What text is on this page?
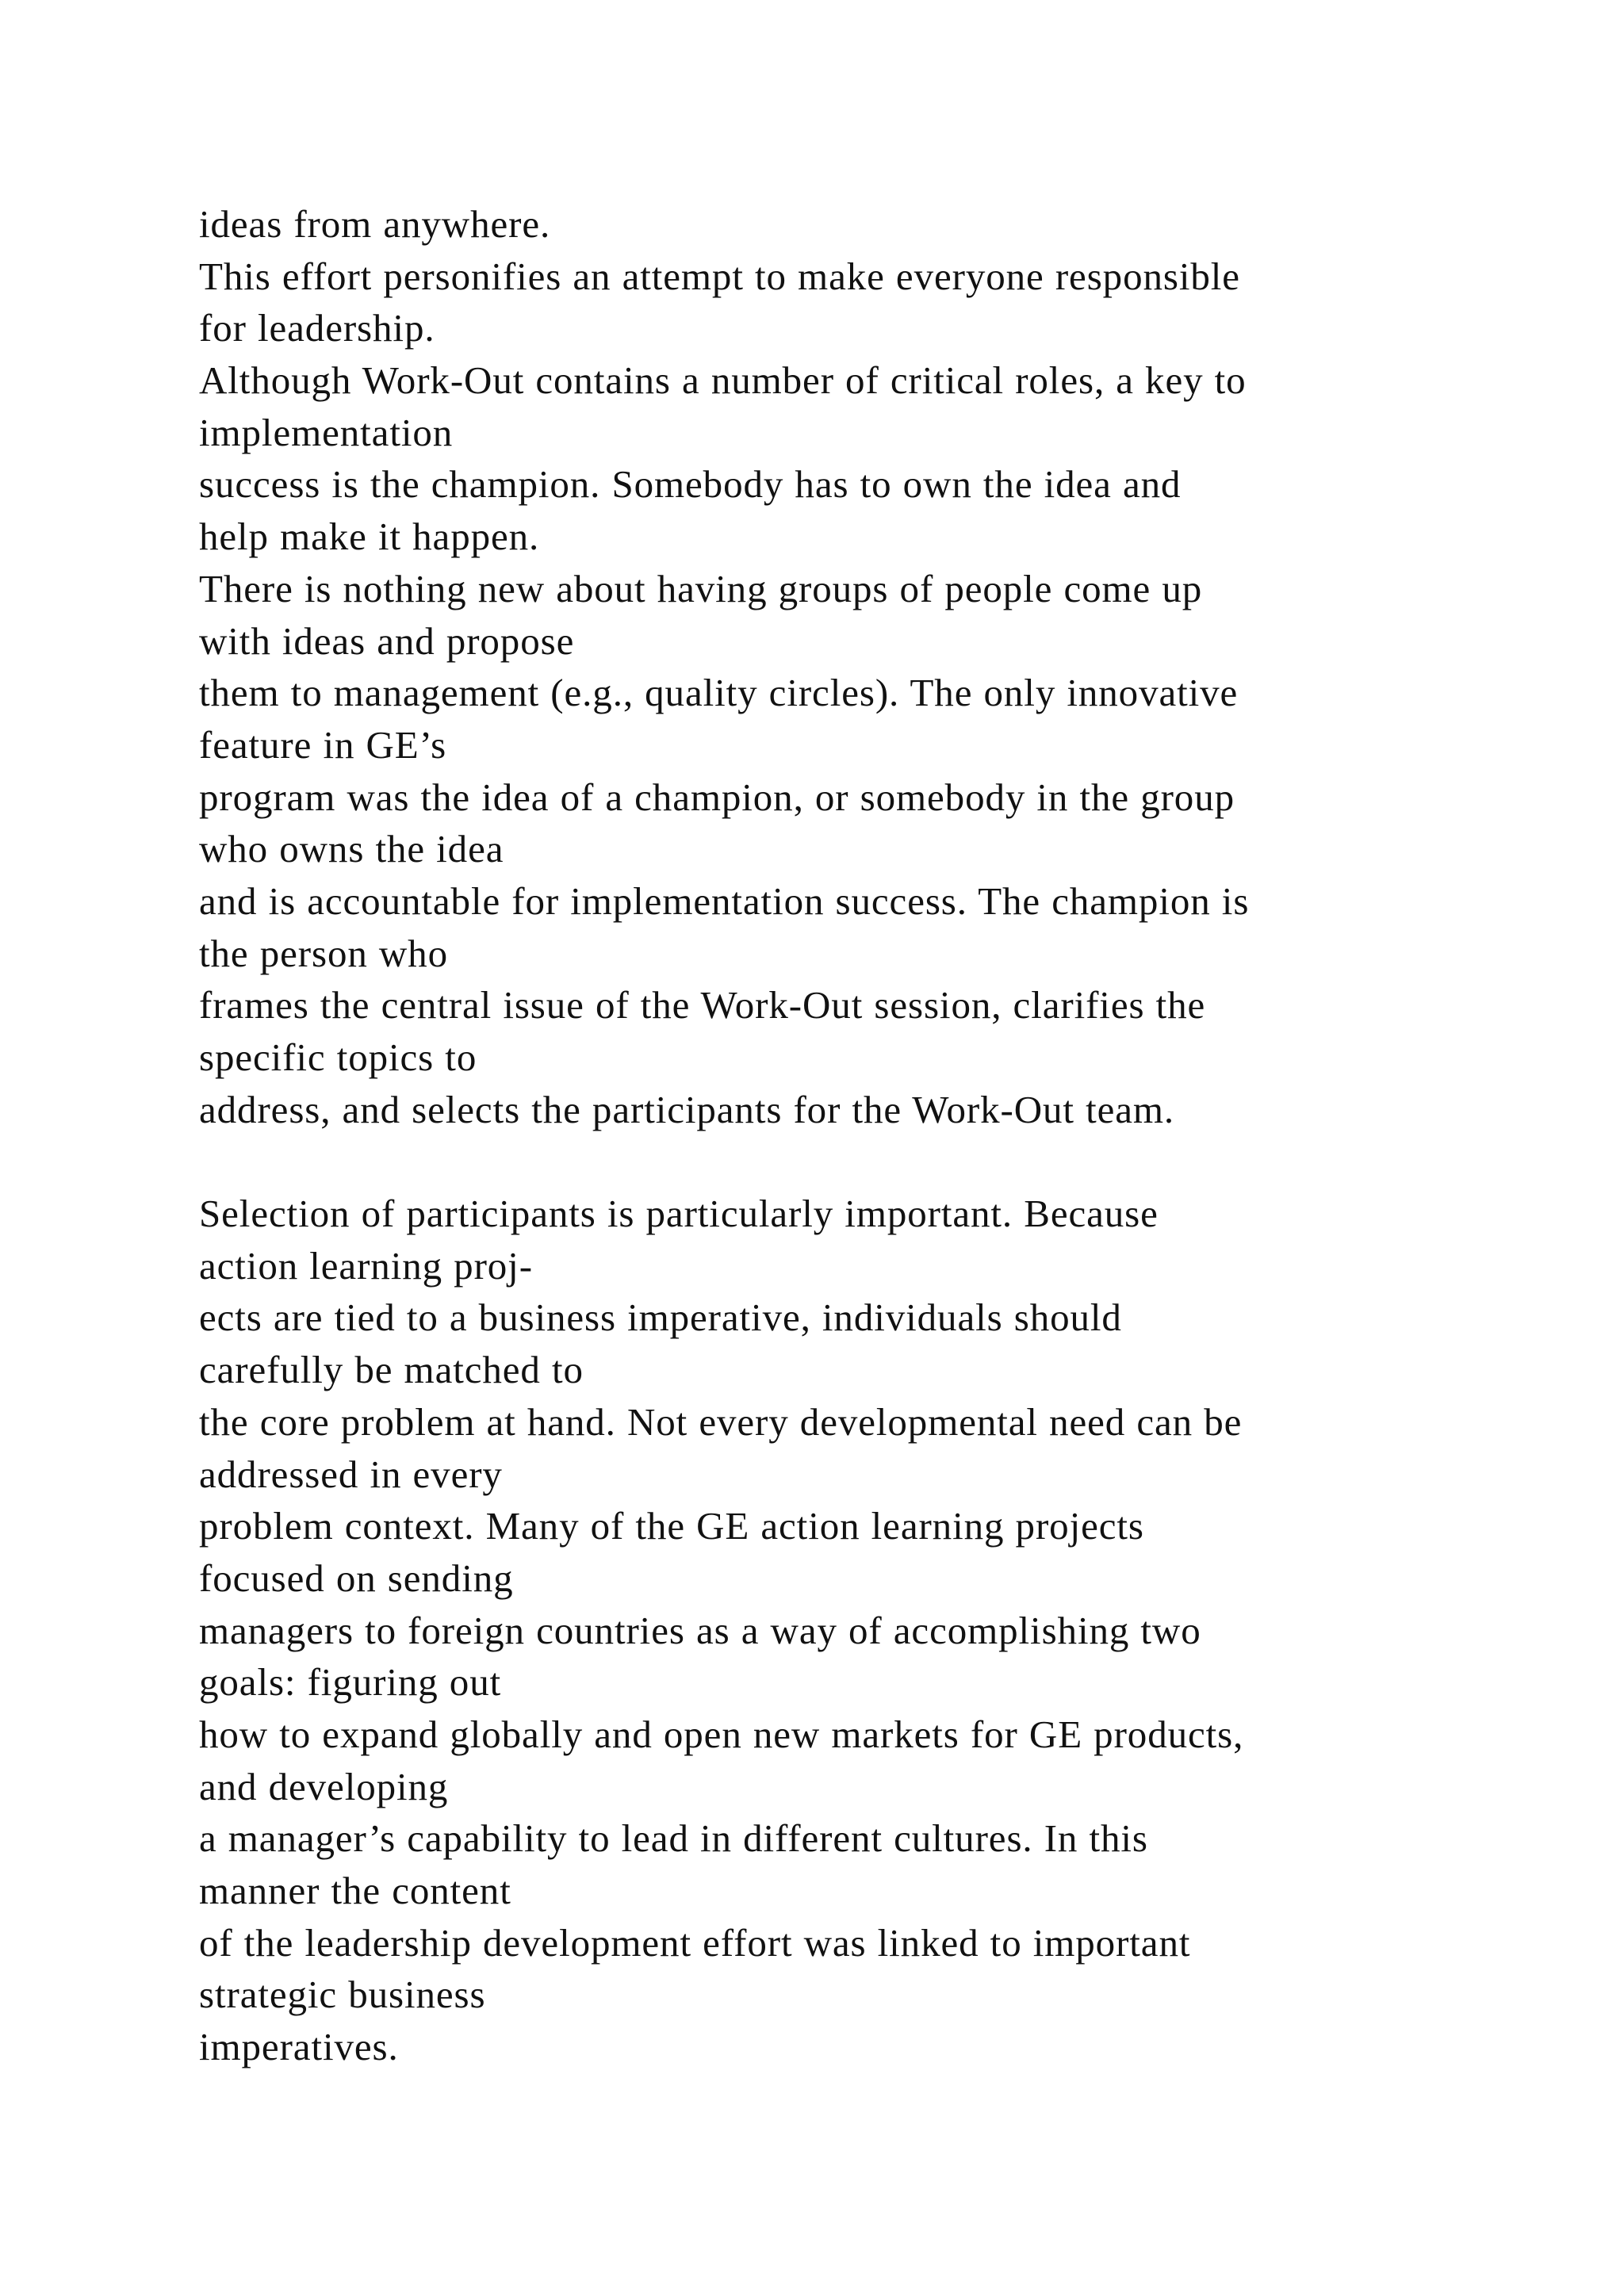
ideas from anywhere.
This effort personifies an attempt to make everyone responsible
for leadership.
Although Work-Out contains a number of critical roles, a key to
implementation
success is the champion. Somebody has to own the idea and
help make it happen.
There is nothing new about having groups of people come up
with ideas and propose
them to management (e.g., quality circles). The only innovative
feature in GE’s
program was the idea of a champion, or somebody in the group
who owns the idea
and is accountable for implementation success. The champion is
the person who
frames the central issue of the Work-Out session, clarifies the
specific topics to
address, and selects the participants for the Work-Out team.
Selection of participants is particularly important. Because
action learning proj-
ects are tied to a business imperative, individuals should
carefully be matched to
the core problem at hand. Not every developmental need can be
addressed in every
problem context. Many of the GE action learning projects
focused on sending
managers to foreign countries as a way of accomplishing two
goals: figuring out
how to expand globally and open new markets for GE products,
and developing
a manager’s capability to lead in different cultures. In this
manner the content
of the leadership development effort was linked to important
strategic business
imperatives.
